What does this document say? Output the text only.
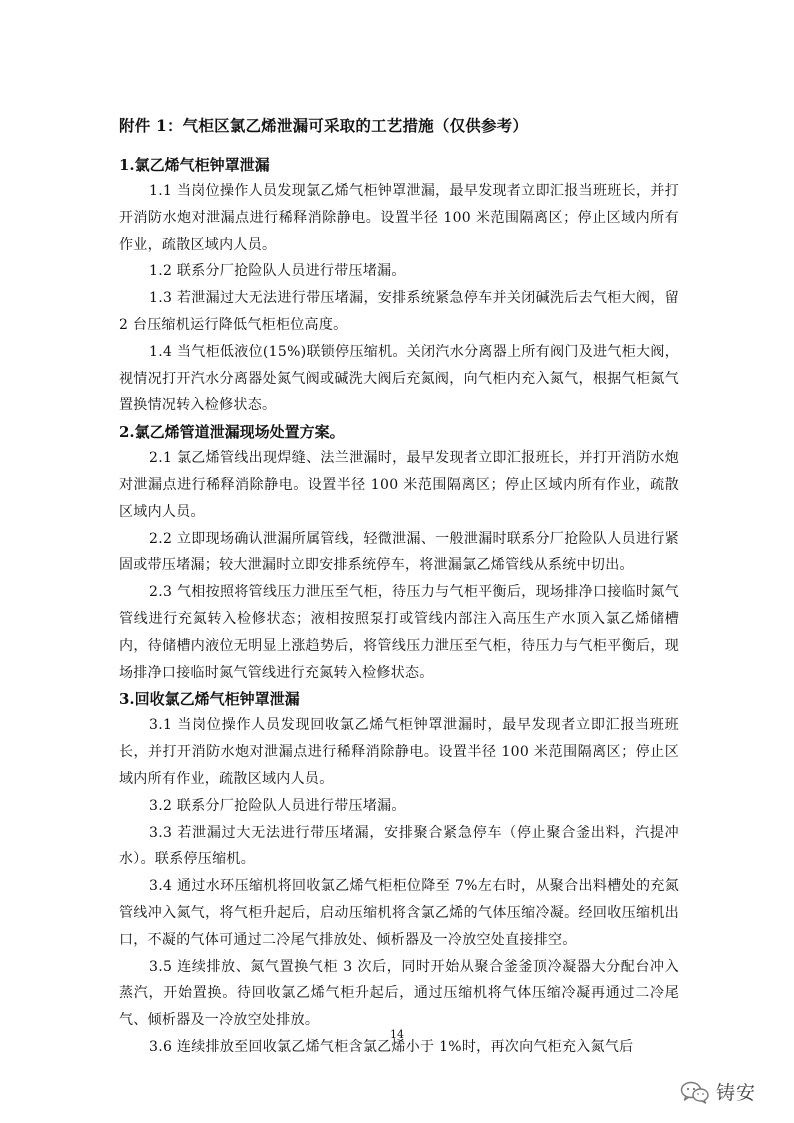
附件 1：气柜区氯乙烯泄漏可采取的工艺措施（仅供参考）
1.氯乙烯气柜钟罩泄漏

1.1 当岗位操作人员发现氯乙烯气柜钟罩泄漏，最早发现者立即汇报当班班长，并打开消防水炮对泄漏点进行稀释消除静电。设置半径 100 米范围隔离区；停止区域内所有作业，疏散区域内人员。

1.2 联系分厂抢险队人员进行带压堵漏。

1.3 若泄漏过大无法进行带压堵漏，安排系统紧急停车并关闭碱洗后去气柜大阀，留 2 台压缩机运行降低气柜柜位高度。

1.4 当气柜低液位(15%)联锁停压缩机。关闭汽水分离器上所有阀门及进气柜大阀，视情况打开汽水分离器处氮气阀或碱洗大阀后充氮阀，向气柜内充入氮气，根据气柜氮气置换情况转入检修状态。

2.氯乙烯管道泄漏现场处置方案。

2.1 氯乙烯管线出现焊缝、法兰泄漏时，最早发现者立即汇报班长，并打开消防水炮对泄漏点进行稀释消除静电。设置半径 100 米范围隔离区；停止区域内所有作业，疏散区域内人员。

2.2 立即现场确认泄漏所属管线，轻微泄漏、一般泄漏时联系分厂抢险队人员进行紧固或带压堵漏；较大泄漏时立即安排系统停车，将泄漏氯乙烯管线从系统中切出。

2.3 气相按照将管线压力泄压至气柜，待压力与气柜平衡后，现场排净口接临时氮气管线进行充氮转入检修状态；液相按照泵打或管线内部注入高压生产水顶入氯乙烯储槽内，待储槽内液位无明显上涨趋势后，将管线压力泄压至气柜，待压力与气柜平衡后，现场排净口接临时氮气管线进行充氮转入检修状态。

3.回收氯乙烯气柜钟罩泄漏

3.1 当岗位操作人员发现回收氯乙烯气柜钟罩泄漏时，最早发现者立即汇报当班班长，并打开消防水炮对泄漏点进行稀释消除静电。设置半径 100 米范围隔离区；停止区域内所有作业，疏散区域内人员。

3.2 联系分厂抢险队人员进行带压堵漏。

3.3 若泄漏过大无法进行带压堵漏，安排聚合紧急停车（停止聚合釜出料，汽提冲水）。联系停压缩机。

3.4 通过水环压缩机将回收氯乙烯气柜柜位降至 7%左右时，从聚合出料槽处的充氮管线冲入氮气，将气柜升起后，启动压缩机将含氯乙烯的气体压缩冷凝。经回收压缩机出口，不凝的气体可通过二冷尾气排放处、倾析器及一冷放空处直接排空。

3.5 连续排放、氮气置换气柜 3 次后，同时开始从聚合釜釜顶冷凝器大分配台冲入蒸汽，开始置换。待回收氯乙烯气柜升起后，通过压缩机将气体压缩冷凝再通过二冷尾气、倾析器及一冷放空处排放。

3.6 连续排放至回收氯乙烯气柜含氯乙烯小于 1%时，再次向气柜充入氮气后

14
铸安
